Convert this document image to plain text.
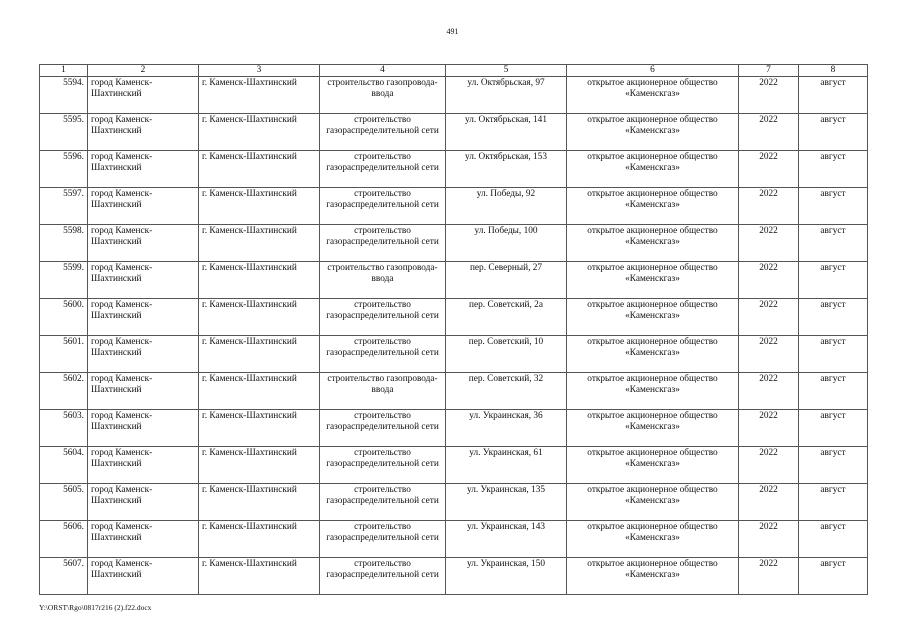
491
1	2	3	4	5	6	7	8
5594.	город Каменск-Шахтинский	г. Каменск-Шахтинский	строительство газопровода-ввода	ул. Октябрьская, 97	открытое акционерное общество «Каменскгаз»	2022	август
5595.	город Каменск-Шахтинский	г. Каменск-Шахтинский	строительство газораспределительной сети	ул. Октябрьская, 141	открытое акционерное общество «Каменскгаз»	2022	август
5596.	город Каменск-Шахтинский	г. Каменск-Шахтинский	строительство газораспределительной сети	ул. Октябрьская, 153	открытое акционерное общество «Каменскгаз»	2022	август
5597.	город Каменск-Шахтинский	г. Каменск-Шахтинский	строительство газораспределительной сети	ул. Победы, 92	открытое акционерное общество «Каменскгаз»	2022	август
5598.	город Каменск-Шахтинский	г. Каменск-Шахтинский	строительство газораспределительной сети	ул. Победы, 100	открытое акционерное общество «Каменскгаз»	2022	август
5599.	город Каменск-Шахтинский	г. Каменск-Шахтинский	строительство газопровода-ввода	пер. Северный, 27	открытое акционерное общество «Каменскгаз»	2022	август
5600.	город Каменск-Шахтинский	г. Каменск-Шахтинский	строительство газораспределительной сети	пер. Советский, 2а	открытое акционерное общество «Каменскгаз»	2022	август
5601.	город Каменск-Шахтинский	г. Каменск-Шахтинский	строительство газораспределительной сети	пер. Советский, 10	открытое акционерное общество «Каменскгаз»	2022	август
5602.	город Каменск-Шахтинский	г. Каменск-Шахтинский	строительство газопровода-ввода	пер. Советский, 32	открытое акционерное общество «Каменскгаз»	2022	август
5603.	город Каменск-Шахтинский	г. Каменск-Шахтинский	строительство газораспределительной сети	ул. Украинская, 36	открытое акционерное общество «Каменскгаз»	2022	август
5604.	город Каменск-Шахтинский	г. Каменск-Шахтинский	строительство газораспределительной сети	ул. Украинская, 61	открытое акционерное общество «Каменскгаз»	2022	август
5605.	город Каменск-Шахтинский	г. Каменск-Шахтинский	строительство газораспределительной сети	ул. Украинская, 135	открытое акционерное общество «Каменскгаз»	2022	август
5606.	город Каменск-Шахтинский	г. Каменск-Шахтинский	строительство газораспределительной сети	ул. Украинская, 143	открытое акционерное общество «Каменскгаз»	2022	август
5607.	город Каменск-Шахтинский	г. Каменск-Шахтинский	строительство газораспределительной сети	ул. Украинская, 150	открытое акционерное общество «Каменскгаз»	2022	август
Y:\ORST\Rgo\0817r216 (2).f22.docx
